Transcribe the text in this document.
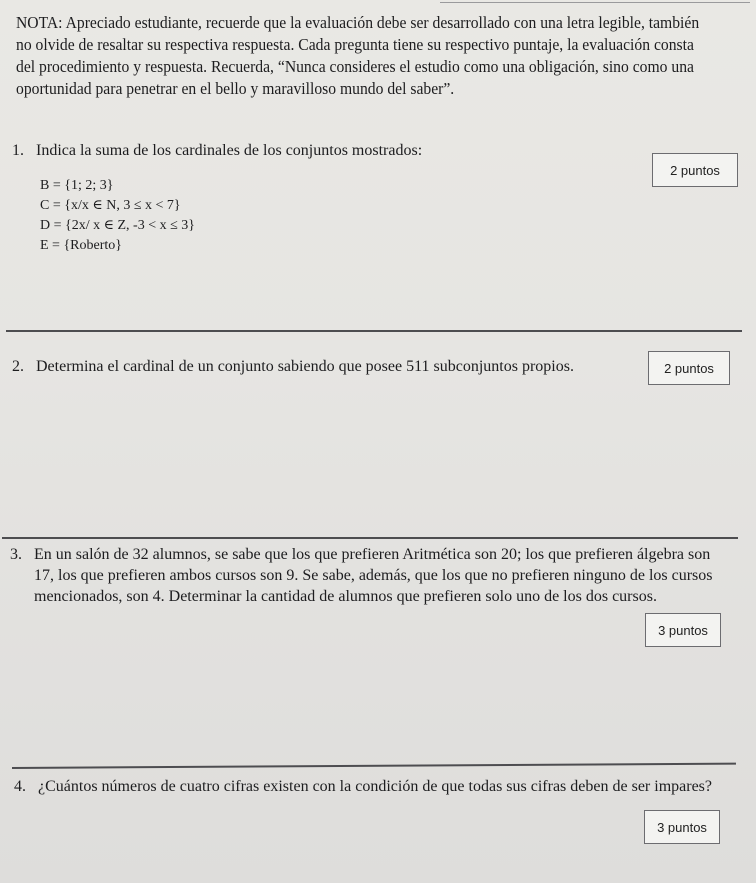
NOTA: Apreciado estudiante, recuerde que la evaluación debe ser desarrollado con una letra legible, también

no olvide de resaltar su respectiva respuesta. Cada pregunta tiene su respectivo puntaje, la evaluación consta

del procedimiento y respuesta. Recuerda, “Nunca consideres el estudio como una obligación, sino como una

oportunidad para penetrar en el bello y maravilloso mundo del saber”.

1. Indica la suma de los cardinales de los conjuntos mostrados:
2 puntos
B = {1; 2; 3}
C = {x/x ∈ N, 3 ≤ x < 7}
D = {2x/ x ∈ Z, -3 < x ≤ 3}
E = {Roberto}
2. Determina el cardinal de un conjunto sabiendo que posee 511 subconjuntos propios.	2 puntos
3. En un salón de 32 alumnos, se sabe que los que prefieren Aritmética son 20; los que prefieren álgebra son
17, los que prefieren ambos cursos son 9. Se sabe, además, que los que no prefieren ninguno de los cursos
mencionados, son 4. Determinar la cantidad de alumnos que prefieren solo uno de los dos cursos.
3 puntos
4. ¿Cuántos números de cuatro cifras existen con la condición de que todas sus cifras deben de ser impares?
3 puntos
